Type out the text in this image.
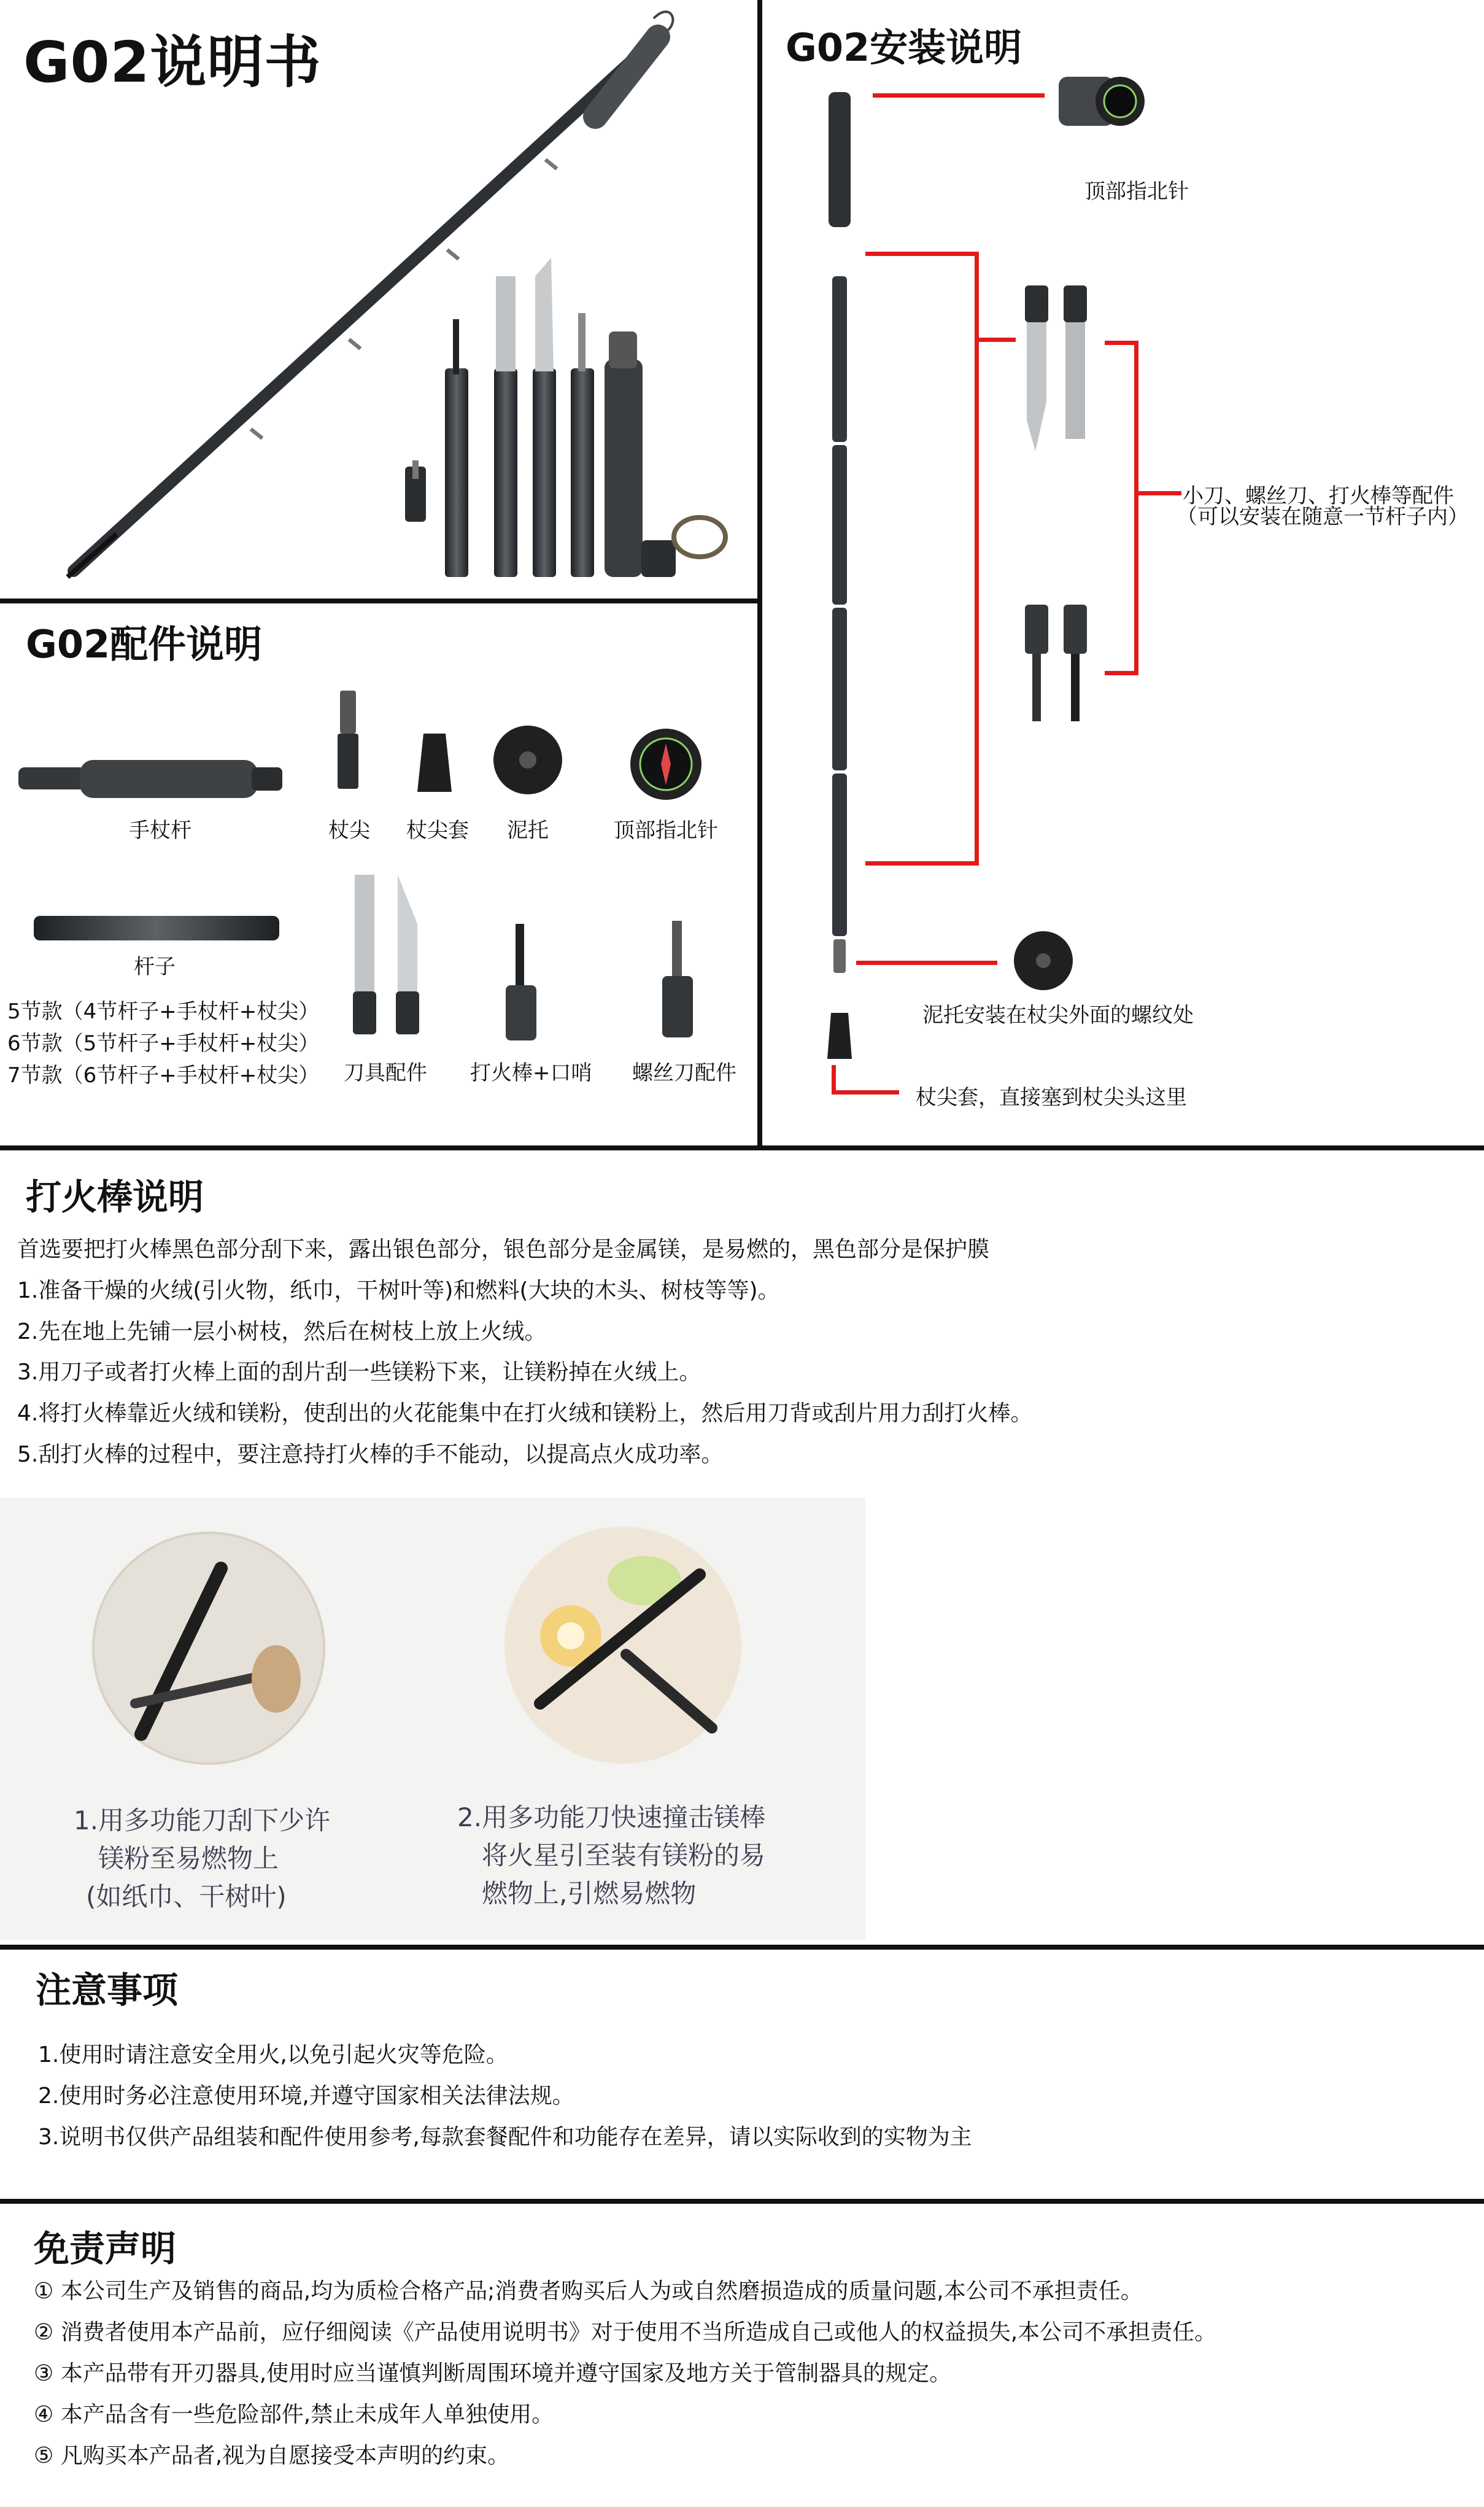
G02说明书
G02配件说明
手杖杆	杖尖 杖尖套 泥托	顶部指北针
杆子
5节款（4节杆子+手杖杆+杖尖）
6节款（5节杆子+手杖杆+杖尖）
7节款（6节杆子+手杖杆+杖尖） 刀具配件 打火棒+口哨 螺丝刀配件
G02安装说明
顶部指北针
小刀、螺丝刀、打火棒等配件
（可以安装在随意一节杆子内）
泥托安装在杖尖外面的螺纹处
杖尖套，直接塞到杖尖头这里
打火棒说明
首选要把打火棒黑色部分刮下来，露出银色部分，银色部分是金属镁，是易燃的，黑色部分是保护膜
1.准备干燥的火绒(引火物，纸巾，干树叶等)和燃料(大块的木头、树枝等等)。
2.先在地上先铺一层小树枝，然后在树枝上放上火绒。
3.用刀子或者打火棒上面的刮片刮一些镁粉下来，让镁粉掉在火绒上。
4.将打火棒靠近火绒和镁粉，使刮出的火花能集中在打火绒和镁粉上，然后用刀背或刮片用力刮打火棒。
5.刮打火棒的过程中，要注意持打火棒的手不能动，以提高点火成功率。
1.用多功能刀刮下少许
镁粉至易燃物上
(如纸巾、干树叶)
2.用多功能刀快速撞击镁棒
将火星引至装有镁粉的易
燃物上,引燃易燃物
注意事项
1.使用时请注意安全用火,以免引起火灾等危险。
2.使用时务必注意使用环境,并遵守国家相关法律法规。
3.说明书仅供产品组装和配件使用参考,每款套餐配件和功能存在差异，请以实际收到的实物为主
免责声明
① 本公司生产及销售的商品,均为质检合格产品;消费者购买后人为或自然磨损造成的质量问题,本公司不承担责任。
② 消费者使用本产品前，应仔细阅读《产品使用说明书》对于使用不当所造成自己或他人的权益损失,本公司不承担责任。
③ 本产品带有开刃器具,使用时应当谨慎判断周围环境并遵守国家及地方关于管制器具的规定。
④ 本产品含有一些危险部件,禁止未成年人单独使用。
⑤ 凡购买本产品者,视为自愿接受本声明的约束。
